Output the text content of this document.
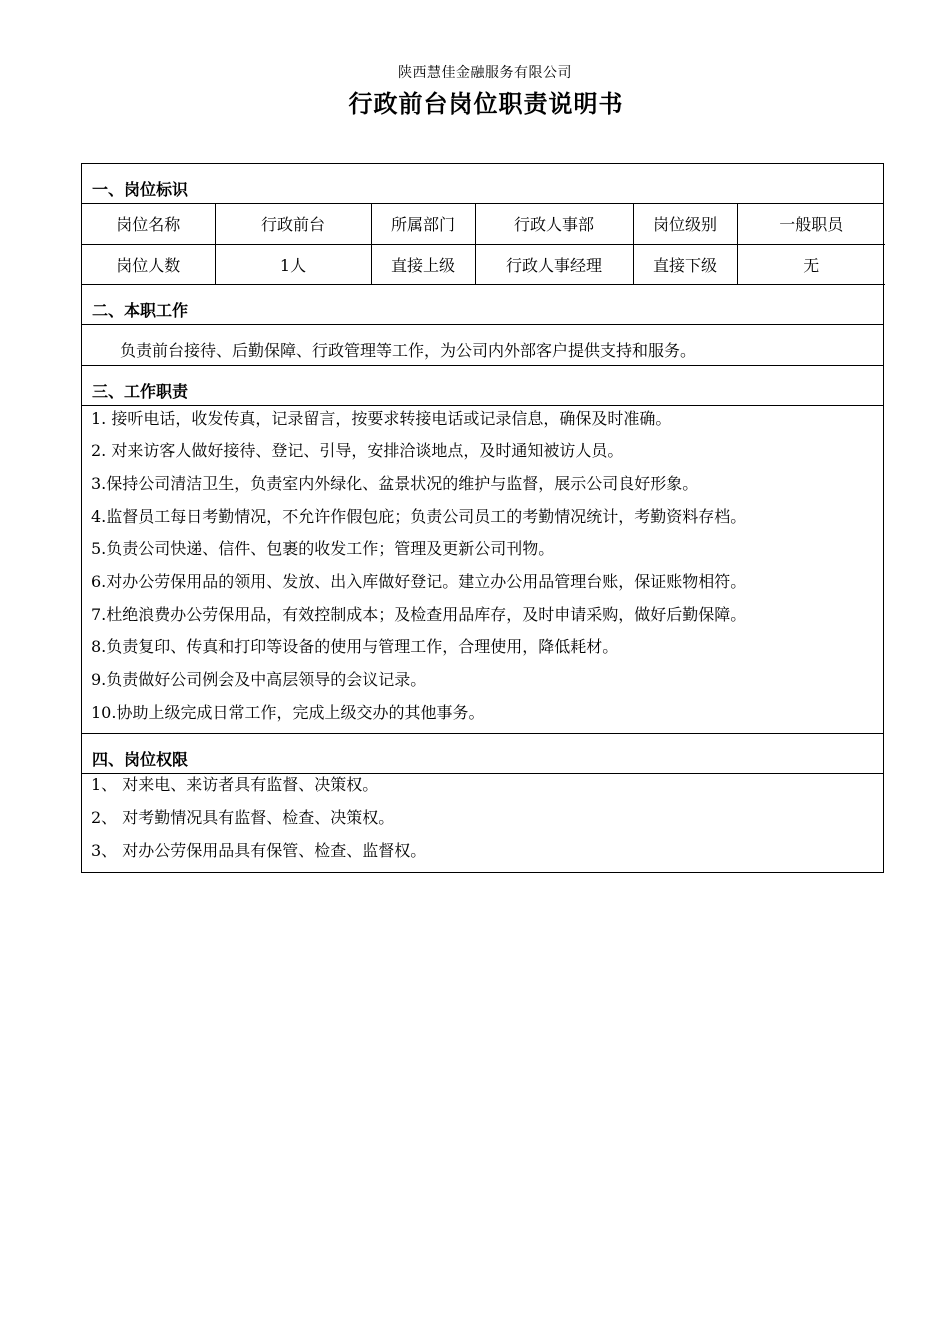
陕西慧佳金融服务有限公司
行政前台岗位职责说明书
一、岗位标识
岗位名称	行政前台	所属部门	行政人事部	岗位级别	一般职员
岗位人数	1人	直接上级	行政人事经理	直接下级	无
二、本职工作
负责前台接待、后勤保障、行政管理等工作，为公司内外部客户提供支持和服务。
三、工作职责
1. 接听电话，收发传真，记录留言，按要求转接电话或记录信息，确保及时准确。
2. 对来访客人做好接待、登记、引导，安排洽谈地点，及时通知被访人员。
3.保持公司清洁卫生，负责室内外绿化、盆景状况的维护与监督，展示公司良好形象。
4.监督员工每日考勤情况，不允许作假包庇；负责公司员工的考勤情况统计，考勤资料存档。
5.负责公司快递、信件、包裹的收发工作；管理及更新公司刊物。
6.对办公劳保用品的领用、发放、出入库做好登记。建立办公用品管理台账，保证账物相符。
7.杜绝浪费办公劳保用品，有效控制成本；及检查用品库存，及时申请采购，做好后勤保障。
8.负责复印、传真和打印等设备的使用与管理工作，合理使用，降低耗材。
9.负责做好公司例会及中高层领导的会议记录。
10.协助上级完成日常工作，完成上级交办的其他事务。
四、岗位权限
1、 对来电、来访者具有监督、决策权。
2、 对考勤情况具有监督、检查、决策权。
3、 对办公劳保用品具有保管、检查、监督权。
